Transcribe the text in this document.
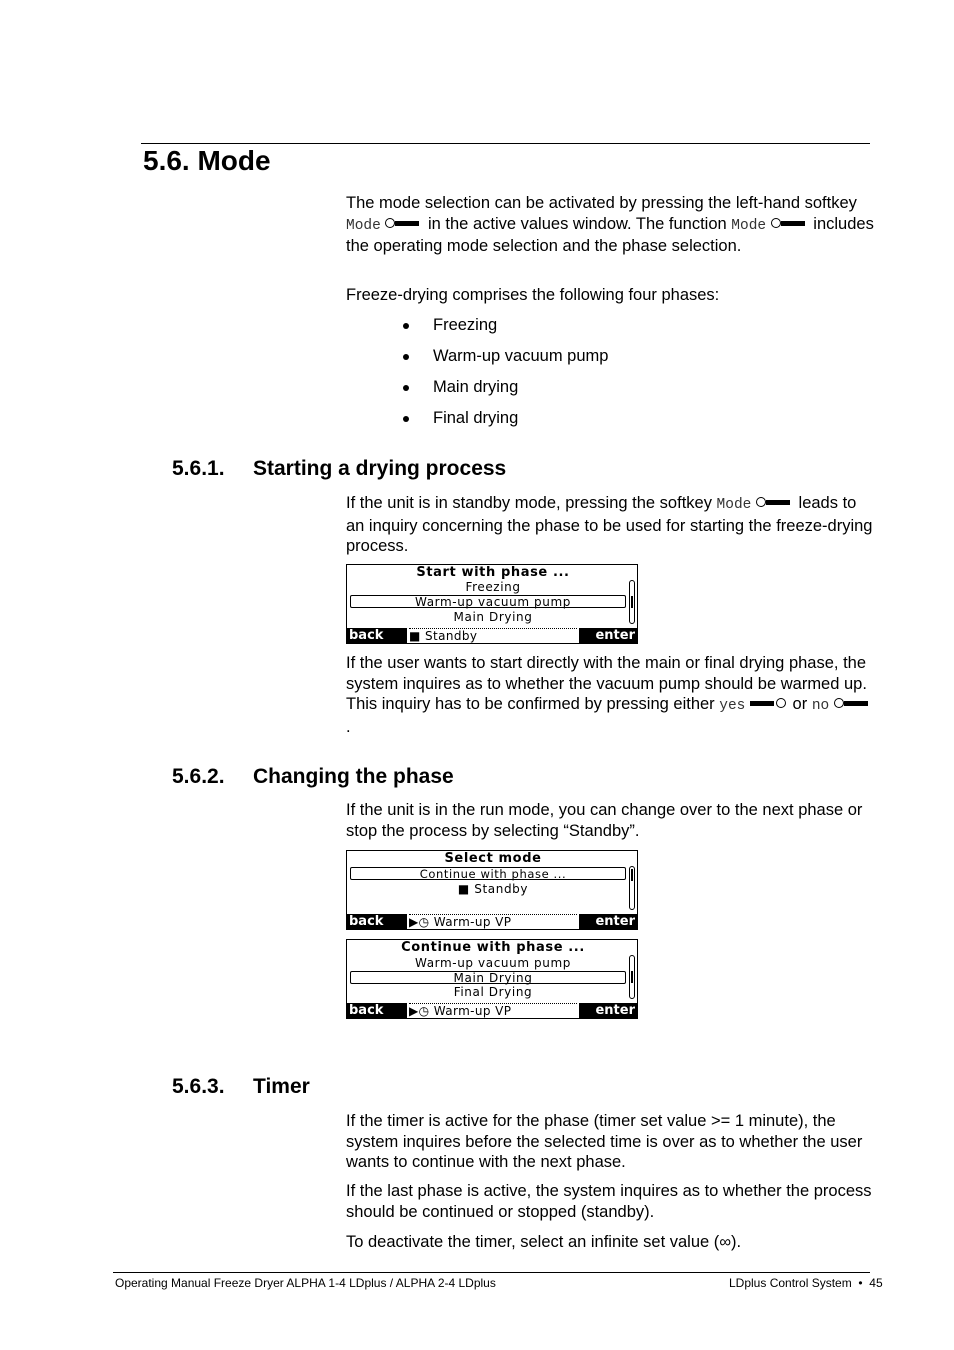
5.6. Mode
The mode selection can be activated by pressing the left-hand softkey Mode	in the active values window. The function Mode	includes the operating mode selection and the phase selection.
Freeze-drying comprises the following four phases:
Freezing
Warm-up vacuum pump
Main drying
Final drying
5.6.1. Starting a drying process
If the unit is in standby mode, pressing the softkey Mode	leads to an inquiry concerning the phase to be used for starting the freeze-drying process.
Start with phase ...
Freezing
Warm-up vacuum pump
Main Drying
back	■ Standby	enter
If the user wants to start directly with the main or final drying phase, the system inquires as to whether the vacuum pump should be warmed up. This inquiry has to be confirmed by pressing either yes	or no
.
5.6.2. Changing the phase
If the unit is in the run mode, you can change over to the next phase or stop the process by selecting “Standby”.
Select mode
Continue with phase ...
■ Standby
back	▶◷ Warm-up VP	enter
Continue with phase ...
Warm-up vacuum pump
Main Drying
Final Drying
back	▶◷ Warm-up VP	enter
5.6.3. Timer
If the timer is active for the phase (timer set value >= 1 minute), the system inquires before the selected time is over as to whether the user wants to continue with the next phase.
If the last phase is active, the system inquires as to whether the process should be continued or stopped (standby).
To deactivate the timer, select an infinite set value (∞).
Operating Manual Freeze Dryer ALPHA 1-4 LDplus / ALPHA 2-4 LDplus	LDplus Control System  •  45
